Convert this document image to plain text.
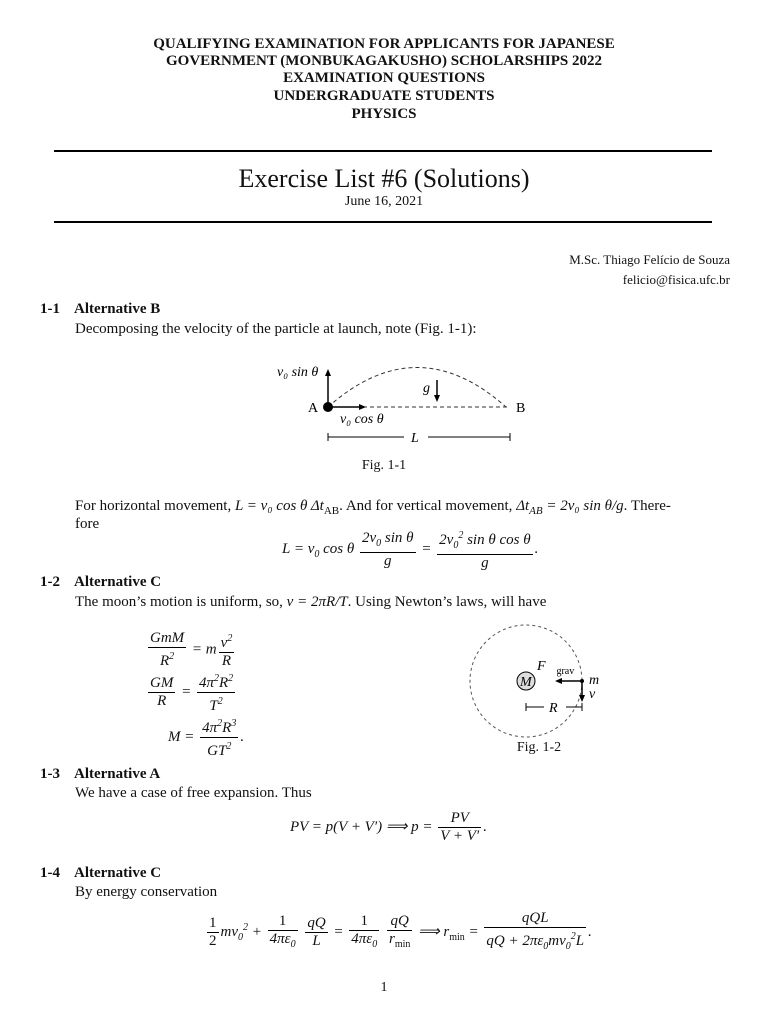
QUALIFYING EXAMINATION FOR APPLICANTS FOR JAPANESE
GOVERNMENT (MONBUKAGAKUSHO) SCHOLARSHIPS 2022
EXAMINATION QUESTIONS
UNDERGRADUATE STUDENTS
PHYSICS
Exercise List #6 (Solutions)
June 16, 2021
M.Sc. Thiago Felício de Souza
felicio@fisica.ufc.br
1-1 Alternative B
Decomposing the velocity of the particle at launch, note (Fig. 1-1):
v₀ sin θ
A	B
v₀ cos θ
g⃗
L
Fig. 1-1
For horizontal movement, L = v₀ cos θ $\Delta t_{AB}$. And for vertical movement, $\Delta t_{AB} = 2v_0$ sin θ/g. There-
fore
$L = v_0$ cos θ $\frac{2v_0 \sin \theta}{g} = \frac{2v_0^2 \sin \theta \cos \theta}{g}$ .
1-2 Alternative C
The moon’s motion is uniform, so, v = 2πR/T. Using Newton’s laws, will have
GmM
$R^2 = m \frac{v^2}{R}$
$\frac{GM}{R} = \frac{4\pi^2R^2}{T^2}$
$M = \frac{4\pi^2R^3}{GT^2}$ .
M
$F⃗_{grav}$
m
v⃗
R
Fig. 1-2
1-3 Alternative A
We have a case of free expansion. Thus
PV = p(V + V′) ⟹ $p = \frac{PV}{V + V'}$ .
1-4 Alternative C
By energy conservation
$\frac{1}{2} mv_0^2 + \frac{1}{4\pi\varepsilon_0}$
$\frac{qQ}{L} = \frac{1}{4\pi\varepsilon_0}$
qQ
$r_{min}$
⟹ $r_{min}$ =
qQL
qQ + $2\pi\varepsilon_0mv_0^2L$
.
1
